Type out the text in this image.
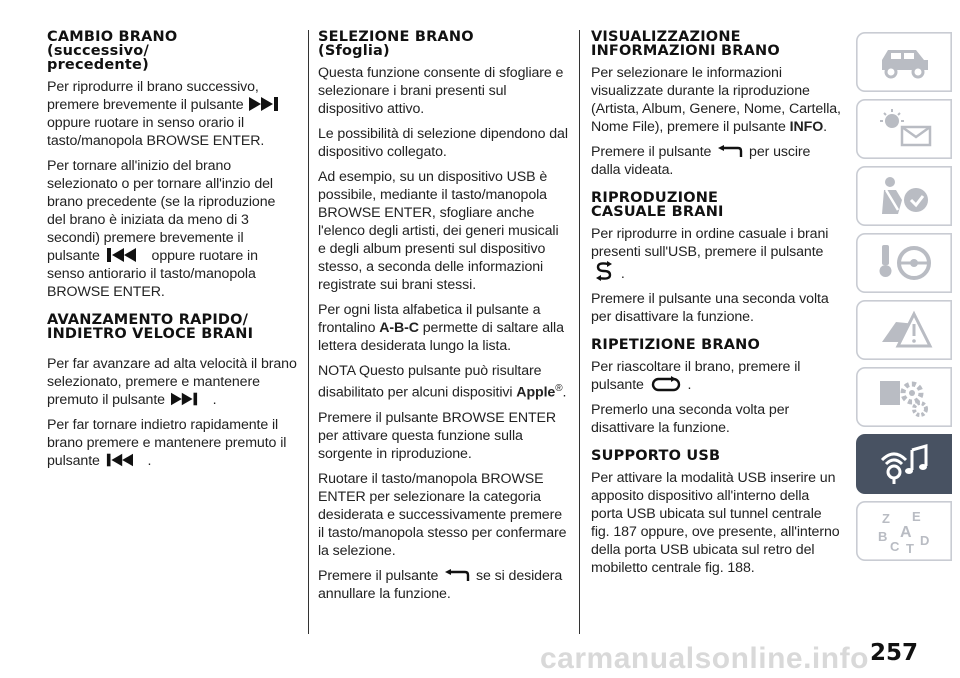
CAMBIO BRANO
(successivo/
precedente)

Per riprodurre il brano successivo, premere brevemente il pulsante
oppure ruotare in senso orario il tasto/manopola BROWSE ENTER.

Per tornare all'inizio del brano selezionato o per tornare all'inzio del brano precedente (se la riproduzione del brano è iniziata da meno di 3 secondi) premere brevemente il pulsante	oppure ruotare in senso antiorario il tasto/manopola BROWSE ENTER.

AVANZAMENTO RAPIDO/
INDIETRO VELOCE BRANI

Per far avanzare ad alta velocità il brano selezionato, premere e mantenere premuto il pulsante	.

Per far tornare indietro rapidamente il brano premere e mantenere premuto il pulsante	.

SELEZIONE BRANO
(Sfoglia)

Questa funzione consente di sfogliare e selezionare i brani presenti sul dispositivo attivo.

Le possibilità di selezione dipendono dal dispositivo collegato.

Ad esempio, su un dispositivo USB è possibile, mediante il tasto/manopola BROWSE ENTER, sfogliare anche l'elenco degli artisti, dei generi musicali e degli album presenti sul dispositivo stesso, a seconda delle informazioni registrate sui brani stessi.

Per ogni lista alfabetica il pulsante a frontalino A-B-C permette di saltare alla lettera desiderata lungo la lista.

NOTA Questo pulsante può risultare disabilitato per alcuni dispositivi Apple®.

Premere il pulsante BROWSE ENTER per attivare questa funzione sulla sorgente in riproduzione.

Ruotare il tasto/manopola BROWSE ENTER per selezionare la categoria desiderata e successivamente premere il tasto/manopola stesso per confermare la selezione.

Premere il pulsante	se si desidera annullare la funzione.

VISUALIZZAZIONE
INFORMAZIONI BRANO

Per selezionare le informazioni visualizzate durante la riproduzione (Artista, Album, Genere, Nome, Cartella, Nome File), premere il pulsante INFO.

Premere il pulsante	per uscire dalla videata.

RIPRODUZIONE
CASUALE BRANI

Per riprodurre in ordine casuale i brani presenti sull'USB, premere il pulsante
.

Premere il pulsante una seconda volta per disattivare la funzione.

RIPETIZIONE BRANO

Per riascoltare il brano, premere il pulsante	.

Premerlo una seconda volta per disattivare la funzione.

SUPPORTO USB

Per attivare la modalità USB inserire un apposito dispositivo all'interno della porta USB ubicata sul tunnel centrale fig. 187 oppure, ove presente, all'interno della porta USB ubicata sul retro del mobiletto centrale fig. 188.

Z E
B A
C T
D
carmanualsonline.info 257
